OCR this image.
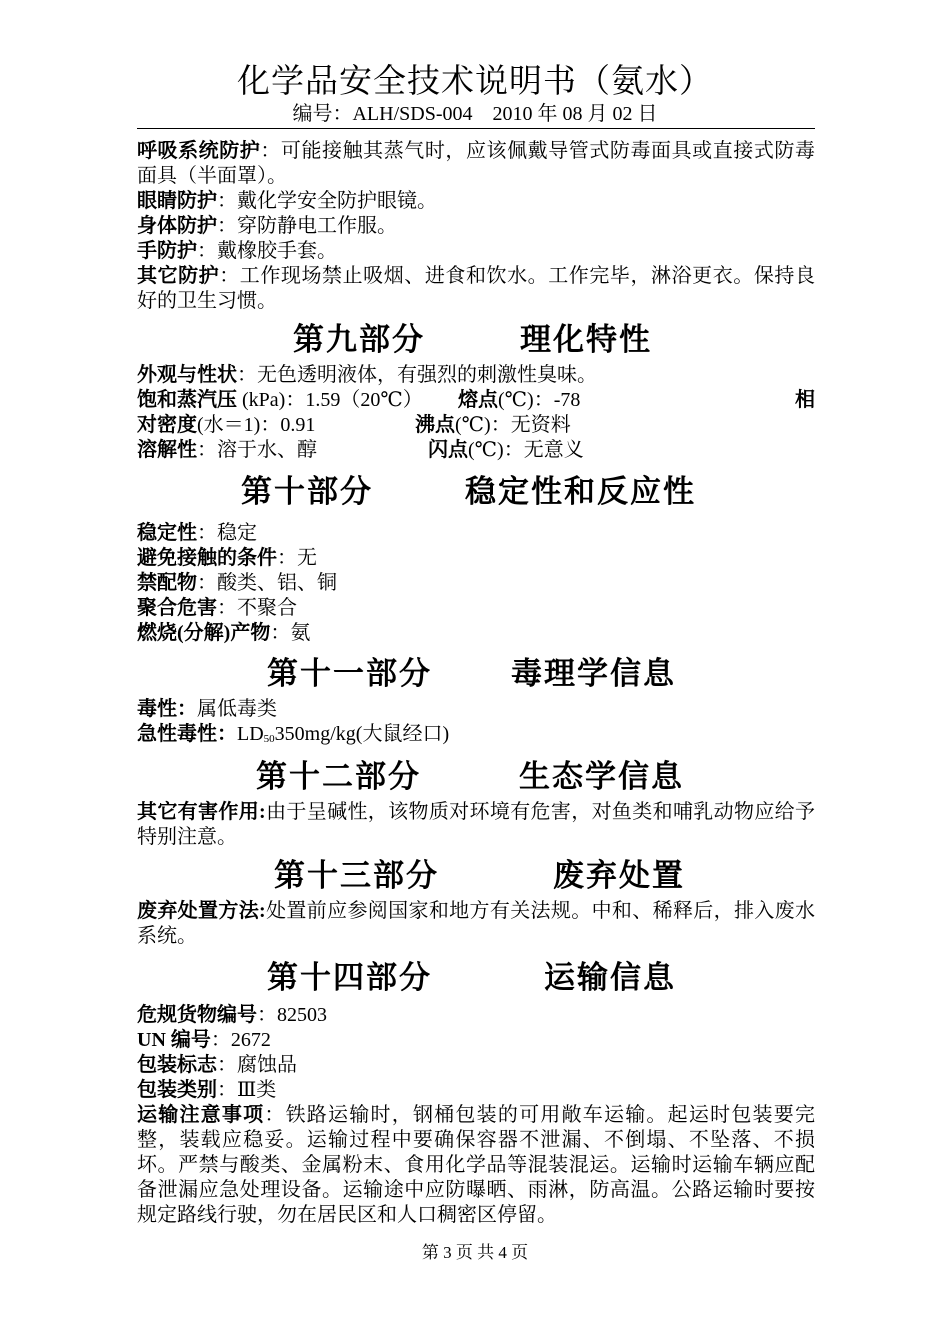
化学品安全技术说明书（氨水）
编号：ALH/SDS-004　2010 年 08 月 02 日

呼吸系统防护：可能接触其蒸气时，应该佩戴导管式防毒面具或直接式防毒面具（半面罩）。

眼睛防护：戴化学安全防护眼镜。

身体防护：穿防静电工作服。

手防护：戴橡胶手套。

其它防护：工作现场禁止吸烟、进食和饮水。工作完毕，淋浴更衣。保持良好的卫生习惯。

第九部分	理化特性

外观与性状：无色透明液体，有强烈的刺激性臭味。

饱和蒸汽压 (kPa)：1.59（20℃） 熔点(℃)：-78	相
对密度(水＝1)：0.91	沸点(℃)：无资料
溶解性：溶于水、醇	闪点(℃)：无意义
第十部分	稳定性和反应性

稳定性：稳定

避免接触的条件：无

禁配物：酸类、铝、铜

聚合危害：不聚合

燃烧(分解)产物：氨

第十一部分	毒理学信息

毒性：属低毒类

急性毒性：$LD_{50}350mg/kg$(大鼠经口)

第十二部分	生态学信息

其它有害作用:由于呈碱性，该物质对环境有危害，对鱼类和哺乳动物应给予特别注意。

第十三部分	废弃处置

废弃处置方法:处置前应参阅国家和地方有关法规。中和、稀释后，排入废水系统。

第十四部分	运输信息

危规货物编号：82503

UN 编号：2672

包装标志：腐蚀品

包装类别：Ⅲ类

运输注意事项：铁路运输时，钢桶包装的可用敞车运输。起运时包装要完整，装载应稳妥。运输过程中要确保容器不泄漏、不倒塌、不坠落、不损坏。严禁与酸类、金属粉末、食用化学品等混装混运。运输时运输车辆应配备泄漏应急处理设备。运输途中应防曝晒、雨淋，防高温。公路运输时要按规定路线行驶，勿在居民区和人口稠密区停留。

第 3 页 共 4 页
